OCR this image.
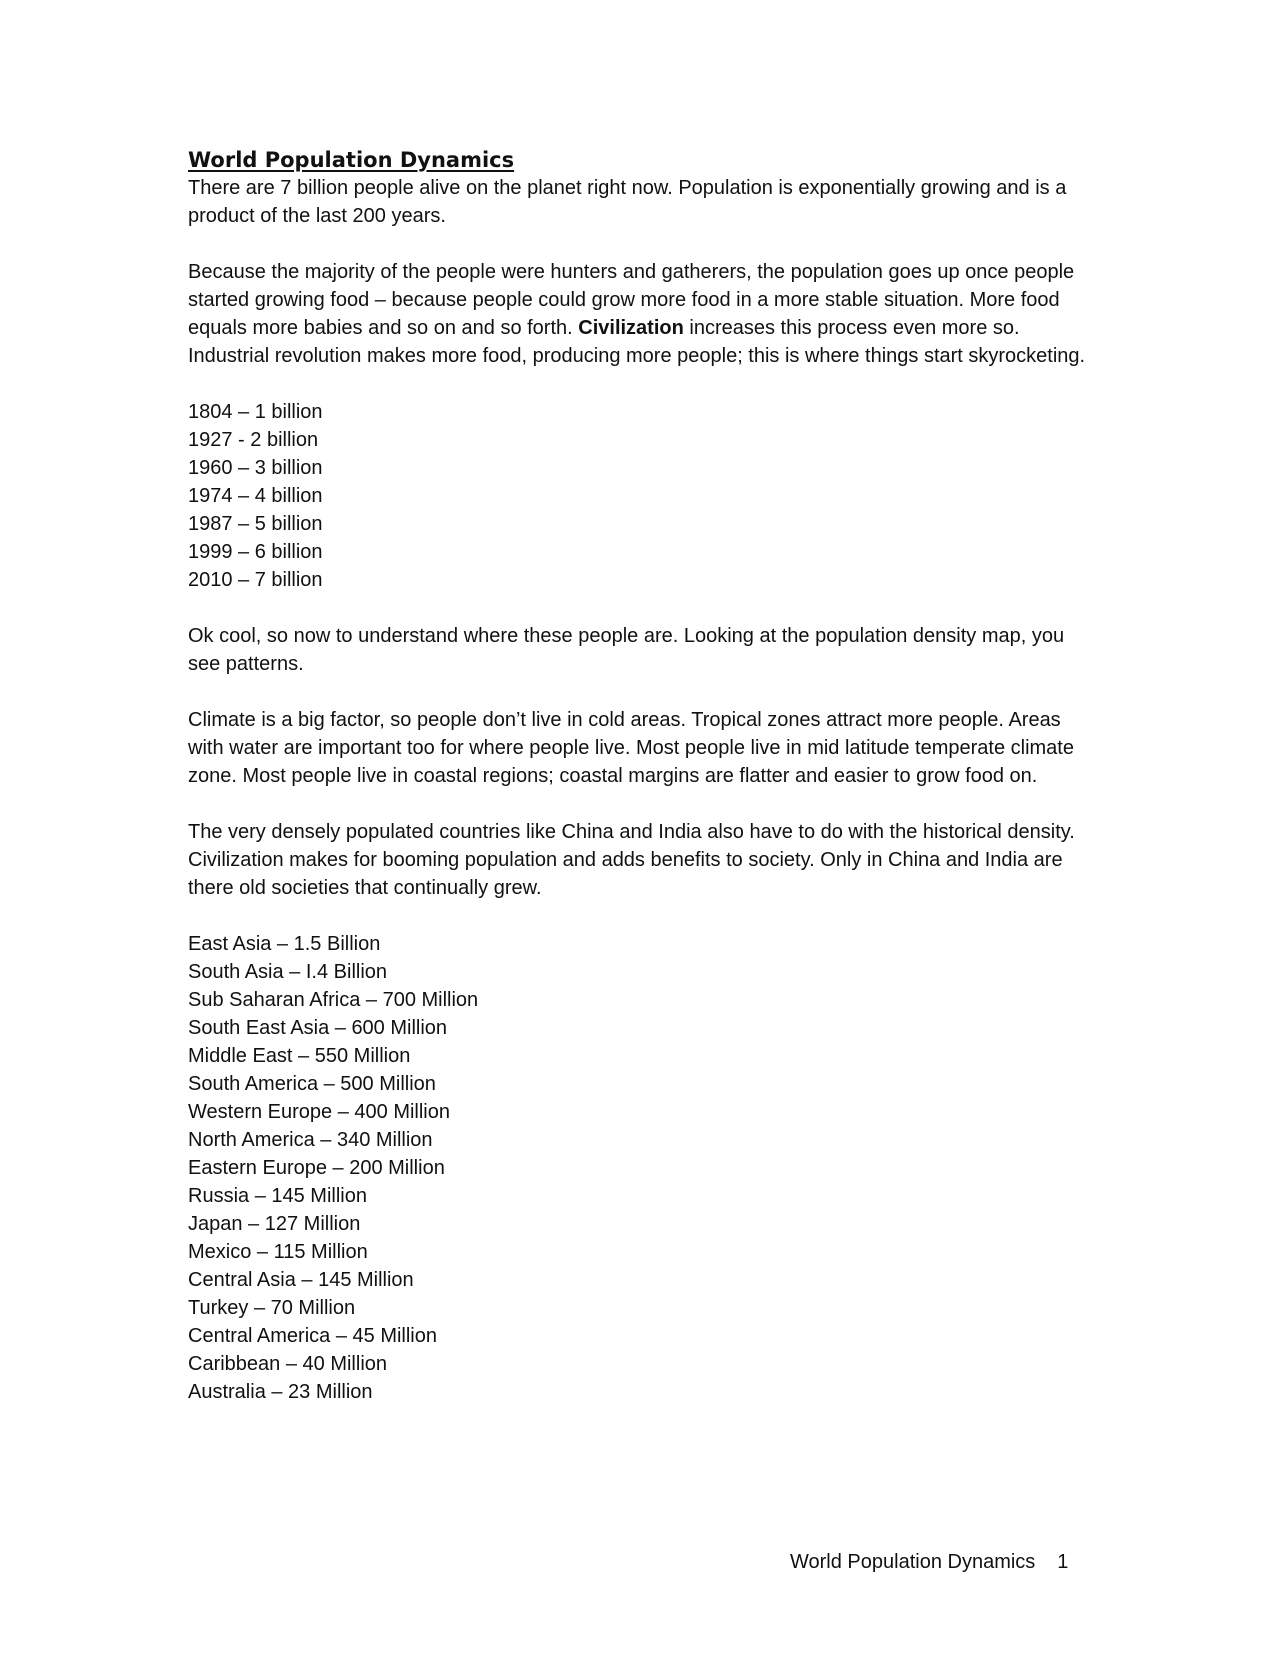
World Population Dynamics

There are 7 billion people alive on the planet right now. Population is exponentially growing and is a product of the last 200 years.

Because the majority of the people were hunters and gatherers, the population goes up once people started growing food – because people could grow more food in a more stable situation. More food equals more babies and so on and so forth. Civilization increases this process even more so. Industrial revolution makes more food, producing more people; this is where things start skyrocketing.

1804 – 1 billion
1927 - 2 billion
1960 – 3 billion
1974 – 4 billion
1987 – 5 billion
1999 – 6 billion
2010 – 7 billion

Ok cool, so now to understand where these people are. Looking at the population density map, you see patterns.

Climate is a big factor, so people don’t live in cold areas. Tropical zones attract more people. Areas with water are important too for where people live. Most people live in mid latitude temperate climate zone. Most people live in coastal regions; coastal margins are flatter and easier to grow food on.

The very densely populated countries like China and India also have to do with the historical density. Civilization makes for booming population and adds benefits to society. Only in China and India are there old societies that continually grew.

East Asia – 1.5 Billion
South Asia – I.4 Billion
Sub Saharan Africa – 700 Million
South East Asia – 600 Million
Middle East – 550 Million
South America – 500 Million
Western Europe – 400 Million
North America – 340 Million
Eastern Europe – 200 Million
Russia – 145 Million
Japan – 127 Million
Mexico – 115 Million
Central Asia – 145 Million
Turkey – 70 Million
Central America – 45 Million
Caribbean – 40 Million
Australia – 23 Million
World Population Dynamics 1
